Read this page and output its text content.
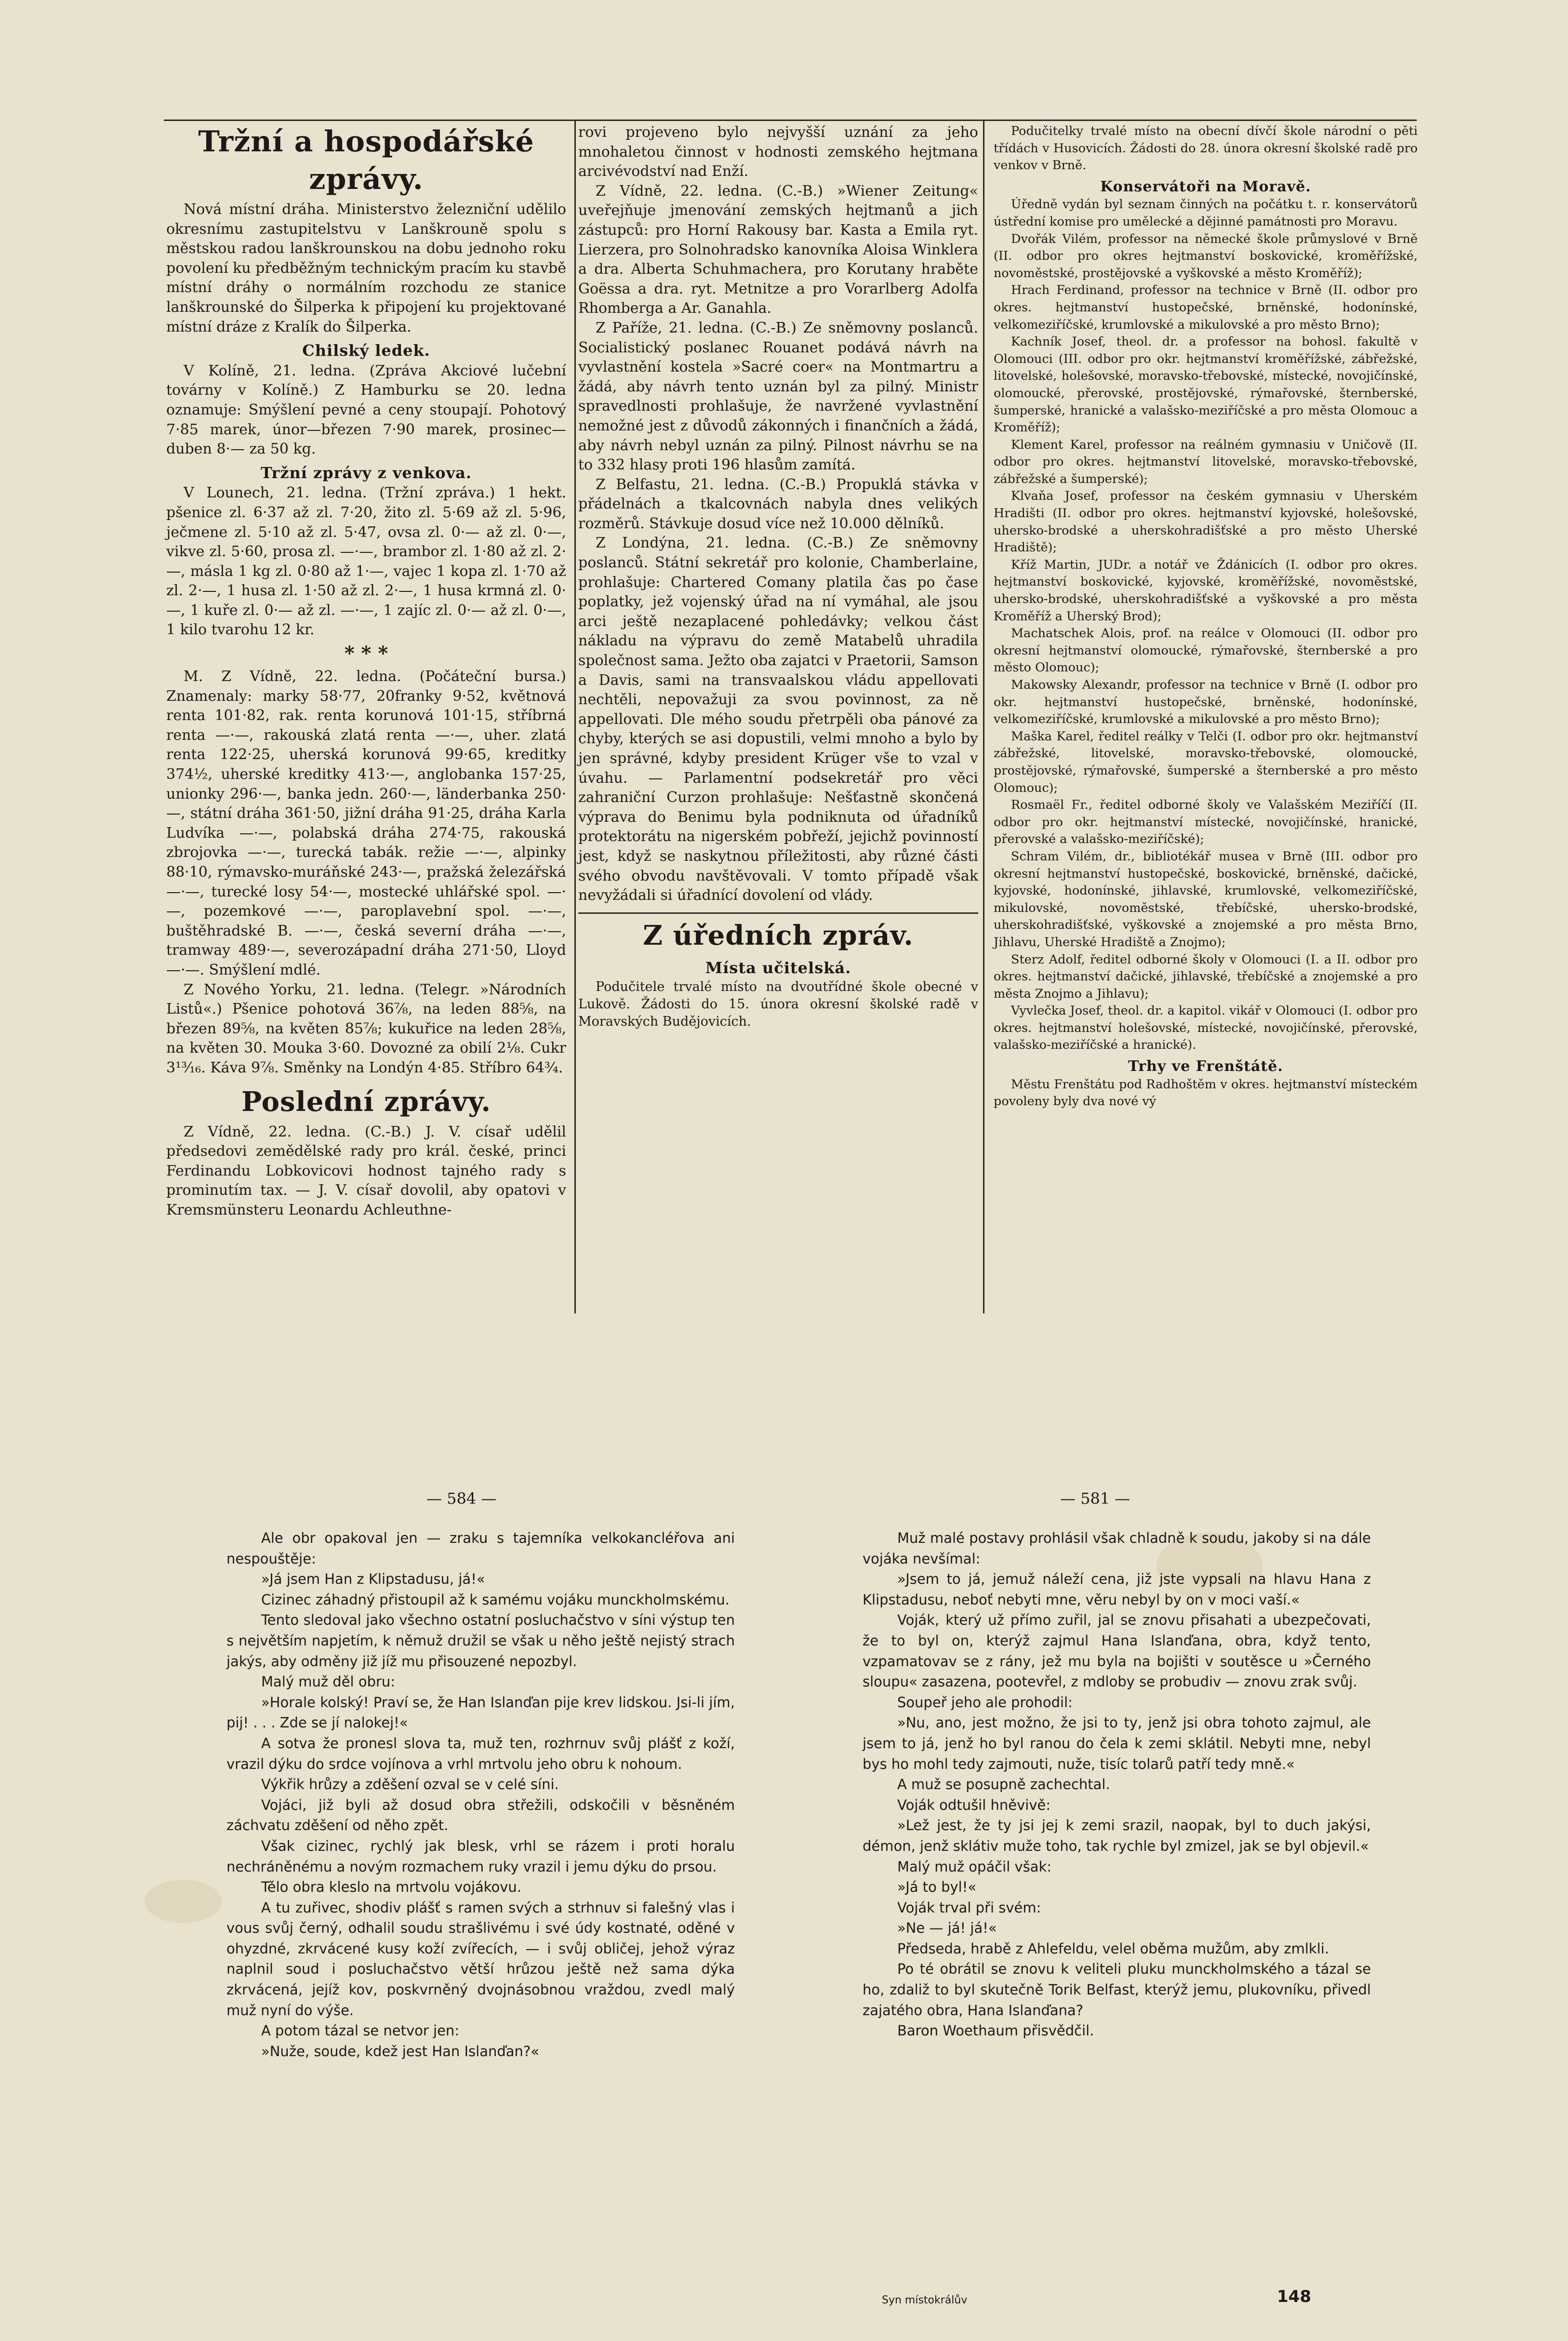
Tržní a hospodářské zprávy.

Nová místní dráha. Ministerstvo železniční udělilo okresnímu zastupitelstvu v Lanškrouně spolu s městskou radou lanškrounskou na dobu jednoho roku povolení ku předběžným technickým pracím ku stavbě místní dráhy o normálním rozchodu ze stanice lanškrounské do Šilperka k připojení ku projektované místní dráze z Kralík do Šilperka.

Chilský ledek.

V Kolíně, 21. ledna. (Zpráva Akciové lučební továrny v Kolíně.) Z Hamburku se 20. ledna oznamuje: Smýšlení pevné a ceny stoupají. Pohotový 7·85 marek, únor—březen 7·90 marek, prosinec—duben 8·— za 50 kg.

Tržní zprávy z venkova.

V Lounech, 21. ledna. (Tržní zpráva.) 1 hekt. pšenice zl. 6·37 až zl. 7·20, žito zl. 5·69 až zl. 5·96, ječmene zl. 5·10 až zl. 5·47, ovsa zl. 0·— až zl. 0·—, vikve zl. 5·60, prosa zl. —·—, brambor zl. 1·80 až zl. 2·—, másla 1 kg zl. 0·80 až 1·—, vajec 1 kopa zl. 1·70 až zl. 2·—, 1 husa zl. 1·50 až zl. 2·—, 1 husa krmná zl. 0·—, 1 kuře zl. 0·— až zl. —·—, 1 zajíc zl. 0·— až zl. 0·—, 1 kilo tvarohu 12 kr.

* * *

M. Z Vídně, 22. ledna. (Počáteční bursa.) Znamenaly: marky 58·77, 20franky 9·52, květnová renta 101·82, rak. renta korunová 101·15, stříbrná renta —·—, rakouská zlatá renta —·—, uher. zlatá renta 122·25, uherská korunová 99·65, kreditky 374½, uherské kreditky 413·—, anglobanka 157·25, unionky 296·—, banka jedn. 260·—, länderbanka 250·—, státní dráha 361·50, jižní dráha 91·25, dráha Karla Ludvíka —·—, polabská dráha 274·75, rakouská zbrojovka —·—, turecká tabák. režie —·—, alpinky 88·10, rýmavsko-muráňské 243·—, pražská železářská —·—, turecké losy 54·—, mostecké uhlářské spol. —·—, pozemkové —·—, paroplavební spol. —·—, buštěhradské B. —·—, česká severní dráha —·—, tramway 489·—, severozápadní dráha 271·50, Lloyd —·—. Smýšlení mdlé.

Z Nového Yorku, 21. ledna. (Telegr. »Národních Listů«.) Pšenice pohotová 36⅞, na leden 88⅝, na březen 89⅝, na květen 85⅞; kukuřice na leden 28⅝, na květen 30. Mouka 3·60. Dovozné za obilí 2⅛. Cukr 3¹³⁄₁₆. Káva 9⅞. Směnky na Londýn 4·85. Stříbro 64¾.

Poslední zprávy.

Z Vídně, 22. ledna. (C.-B.) J. V. císař udělil předsedovi zemědělské rady pro král. české, princi Ferdinandu Lobkovicovi hodnost tajného rady s prominutím tax. — J. V. císař dovolil, aby opatovi v Kremsmünsteru Leonardu Achleuthne-

rovi projeveno bylo nejvyšší uznání za jeho mnohaletou činnost v hodnosti zemského hejtmana arcivévodství nad Enží.

Z Vídně, 22. ledna. (C.-B.) »Wiener Zeitung« uveřejňuje jmenování zemských hejtmanů a jich zástupců: pro Horní Rakousy bar. Kasta a Emila ryt. Lierzera, pro Solnohradsko kanovníka Aloisa Winklera a dra. Alberta Schuhmachera, pro Korutany hraběte Goëssa a dra. ryt. Metnitze a pro Vorarlberg Adolfa Rhomberga a Ar. Ganahla.

Z Paříže, 21. ledna. (C.-B.) Ze sněmovny poslanců. Socialistický poslanec Rouanet podává návrh na vyvlastnění kostela »Sacré coer« na Montmartru a žádá, aby návrh tento uznán byl za pilný. Ministr spravedlnosti prohlašuje, že navržené vyvlastnění nemožné jest z důvodů zákonných i finančních a žádá, aby návrh nebyl uznán za pilný. Pilnost návrhu se na to 332 hlasy proti 196 hlasům zamítá.

Z Belfastu, 21. ledna. (C.-B.) Propuklá stávka v přádelnách a tkalcovnách nabyla dnes velikých rozměrů. Stávkuje dosud více než 10.000 dělníků.

Z Londýna, 21. ledna. (C.-B.) Ze sněmovny poslanců. Státní sekretář pro kolonie, Chamberlaine, prohlašuje: Chartered Comany platila čas po čase poplatky, jež vojenský úřad na ní vymáhal, ale jsou arci ještě nezaplacené pohledávky; velkou část nákladu na výpravu do země Matabelů uhradila společnost sama. Ježto oba zajatci v Praetorii, Samson a Davis, sami na transvaalskou vládu appellovati nechtěli, nepovažuji za svou povinnost, za ně appellovati. Dle mého soudu přetrpěli oba pánové za chyby, kterých se asi dopustili, velmi mnoho a bylo by jen správné, kdyby president Krüger vše to vzal v úvahu. — Parlamentní podsekretář pro věci zahraniční Curzon prohlašuje: Nešťastně skončená výprava do Benimu byla podniknuta od úřadníků protektorátu na nigerském pobřeží, jejichž povinností jest, když se naskytnou příležitosti, aby různé části svého obvodu navštěvovali. V tomto případě však nevyžádali si úřadnící dovolení od vlády.

Z úředních zpráv.
Místa učitelská.

Podučitele trvalé místo na dvoutřídné škole obecné v Lukově. Žádosti do 15. února okresní školské radě v Moravských Budějovicích.

Podučitelky trvalé místo na obecní dívčí škole národní o pěti třídách v Husovicích. Žádosti do 28. února okresní školské radě pro venkov v Brně.

Konservátoři na Moravě.

Úředně vydán byl seznam činných na počátku t. r. konservátorů ústřední komise pro umělecké a dějinné památnosti pro Moravu.

Dvořák Vilém, professor na německé škole průmyslové v Brně (II. odbor pro okres hejtmanství boskovické, kroměřížské, novoměstské, prostějovské a vyškovské a město Kroměříž);

Hrach Ferdinand, professor na technice v Brně (II. odbor pro okres. hejtmanství hustopečské, brněnské, hodonínské, velkomeziříčské, krumlovské a mikulovské a pro město Brno);

Kachník Josef, theol. dr. a professor na bohosl. fakultě v Olomouci (III. odbor pro okr. hejtmanství kroměřížské, zábřežské, litovelské, holešovské, moravsko-třebovské, místecké, novojičínské, olomoucké, přerovské, prostějovské, rýmařovské, šternberské, šumperské, hranické a valašsko-meziříčské a pro města Olomouc a Kroměříž);

Klement Karel, professor na reálném gymnasiu v Uničově (II. odbor pro okres. hejtmanství litovelské, moravsko-třebovské, zábřežské a šumperské);

Klvaňa Josef, professor na českém gymnasiu v Uherském Hradišti (II. odbor pro okres. hejtmanství kyjovské, holešovské, uhersko-brodské a uherskohradišťské a pro město Uherské Hradiště);

Kříž Martin, JUDr. a notář ve Ždánicích (I. odbor pro okres. hejtmanství boskovické, kyjovské, kroměřížské, novoměstské, uhersko-brodské, uherskohradišťské a vyškovské a pro města Kroměříž a Uherský Brod);

Machatschek Alois, prof. na reálce v Olomouci (II. odbor pro okresní hejtmanství olomoucké, rýmařovské, šternberské a pro město Olomouc);

Makowsky Alexandr, professor na technice v Brně (I. odbor pro okr. hejtmanství hustopečské, brněnské, hodonínské, velkomeziříčské, krumlovské a mikulovské a pro město Brno);

Maška Karel, ředitel reálky v Telči (I. odbor pro okr. hejtmanství zábřežské, litovelské, moravsko-třebovské, olomoucké, prostějovské, rýmařovské, šumperské a šternberské a pro město Olomouc);

Rosmaël Fr., ředitel odborné školy ve Valašském Meziříčí (II. odbor pro okr. hejtmanství místecké, novojičínské, hranické, přerovské a valašsko-meziříčské);

Schram Vilém, dr., bibliotékář musea v Brně (III. odbor pro okresní hejtmanství hustopečské, boskovické, brněnské, dačické, kyjovské, hodonínské, jihlavské, krumlovské, velkomeziříčské, mikulovské, novoměstské, třebíčské, uhersko-brodské, uherskohradišťské, vyškovské a znojemské a pro města Brno, Jihlavu, Uherské Hradiště a Znojmo);

Sterz Adolf, ředitel odborné školy v Olomouci (I. a II. odbor pro okres. hejtmanství dačické, jihlavské, třebíčské a znojemské a pro města Znojmo a Jihlavu);

Vyvlečka Josef, theol. dr. a kapitol. vikář v Olomouci (I. odbor pro okres. hejtmanství holešovské, místecké, novojičínské, přerovské, valašsko-meziříčské a hranické).

Trhy ve Frenštátě.

Městu Frenštátu pod Radhoštěm v okres. hejtmanství místeckém povoleny byly dva nové vý

— 584 —	— 581 —

Ale obr opakoval jen — zraku s tajemníka velkokancléřova ani nespouštěje:

»Já jsem Han z Klipstadusu, já!«

Cizinec záhadný přistoupil až k samému vojáku munckholmskému.

Tento sledoval jako všechno ostatní posluchačstvo v síni výstup ten s největším napjetím, k němuž družil se však u něho ještě nejistý strach jakýs, aby odměny již jíž mu přisouzené nepozbyl.

Malý muž děl obru:

»Horale kolský! Praví se, že Han Islanďan pije krev lidskou. Jsi-li jím, pij! . . . Zde se jí nalokej!«

A sotva že pronesl slova ta, muž ten, rozhrnuv svůj plášť z koží, vrazil dýku do srdce vojínova a vrhl mrtvolu jeho obru k nohoum.

Výkřik hrůzy a zděšení ozval se v celé síni.

Vojáci, již byli až dosud obra střežili, odskočili v běsněném záchvatu zděšení od něho zpět.

Však cizinec, rychlý jak blesk, vrhl se rázem i proti horalu nechráněnému a novým rozmachem ruky vrazil i jemu dýku do prsou.

Tělo obra kleslo na mrtvolu vojákovu.

A tu zuřivec, shodiv plášť s ramen svých a strhnuv si falešný vlas i vous svůj černý, odhalil soudu strašlivému i své údy kostnaté, oděné v ohyzdné, zkrvácené kusy koží zvířecích, — i svůj obličej, jehož výraz naplnil soud i posluchačstvo větší hrůzou ještě než sama dýka zkrvácená, jejíž kov, poskvrněný dvojnásobnou vraždou, zvedl malý muž nyní do výše.

A potom tázal se netvor jen:

»Nuže, soude, kdež jest Han Islanďan?«

Muž malé postavy prohlásil však chladně k soudu, jakoby si na dále vojáka nevšímal:

»Jsem to já, jemuž náleží cena, již jste vypsali na hlavu Hana z Klipstadusu, neboť nebyti mne, věru nebyl by on v moci vaší.«

Voják, který už přímo zuřil, jal se znovu přisahati a ubezpečovati, že to byl on, kterýž zajmul Hana Islanďana, obra, když tento, vzpamatovav se z rány, jež mu byla na bojišti v soutěsce u »Černého sloupu« zasazena, pootevřel, z mdloby se probudiv — znovu zrak svůj.

Soupeř jeho ale prohodil:

»Nu, ano, jest možno, že jsi to ty, jenž jsi obra tohoto zajmul, ale jsem to já, jenž ho byl ranou do čela k zemi sklátil. Nebyti mne, nebyl bys ho mohl tedy zajmouti, nuže, tisíc tolarů patří tedy mně.«

A muž se posupně zachechtal.

Voják odtušil hněvivě:

»Lež jest, že ty jsi jej k zemi srazil, naopak, byl to duch jakýsi, démon, jenž sklátiv muže toho, tak rychle byl zmizel, jak se byl objevil.«

Malý muž opáčil však:

»Já to byl!«

Voják trval při svém:

»Ne — já! já!«

Předseda, hrabě z Ahlefeldu, velel oběma mužům, aby zmlkli.

Po té obrátil se znovu k veliteli pluku munckholmského a tázal se ho, zdaliž to byl skutečně Torik Belfast, kterýž jemu, plukovníku, přivedl zajatého obra, Hana Islanďana?

Baron Woethaum přisvědčil.

Syn místokrálův	148
